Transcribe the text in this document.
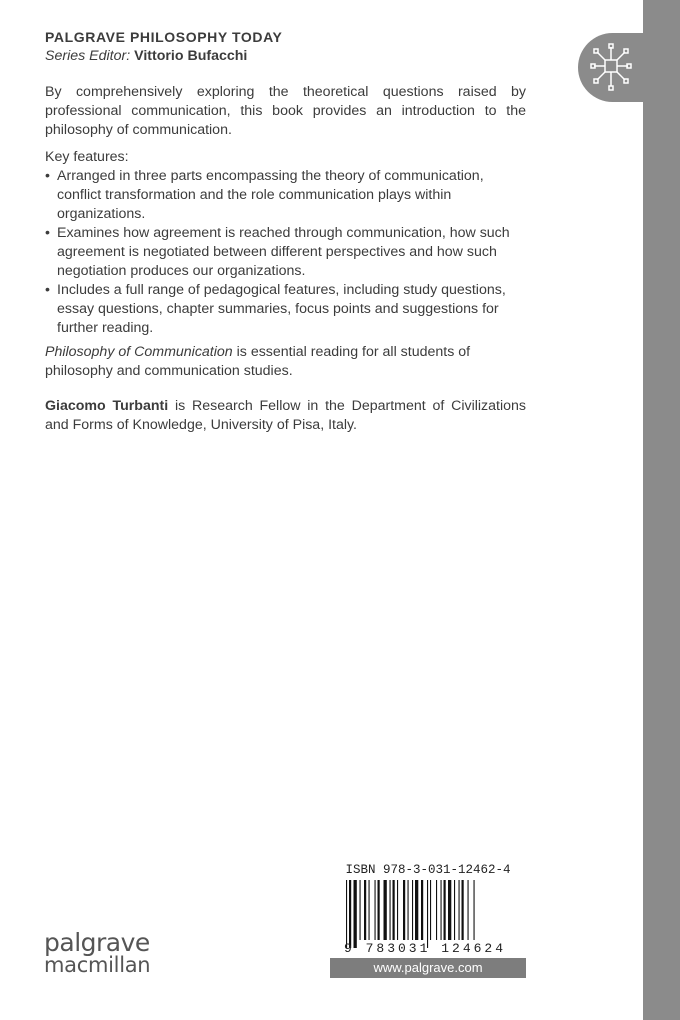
PALGRAVE PHILOSOPHY TODAY
Series Editor: Vittorio Bufacchi

By comprehensively exploring the theoretical questions raised by professional communication, this book provides an introduction to the philosophy of communication.

Key features:
• Arranged in three parts encompassing the theory of communication, conflict transformation and the role communication plays within organizations.
• Examines how agreement is reached through communication, how such agreement is negotiated between different perspectives and how such negotiation produces our organizations.
• Includes a full range of pedagogical features, including study questions, essay questions, chapter summaries, focus points and suggestions for further reading.

Philosophy of Communication is essential reading for all students of philosophy and communication studies.

Giacomo Turbanti is Research Fellow in the Department of Civilizations and Forms of Knowledge, University of Pisa, Italy.

ISBN 978-3-031-12462-4
9 783031 124624
www.palgrave.com
palgrave
macmillan
